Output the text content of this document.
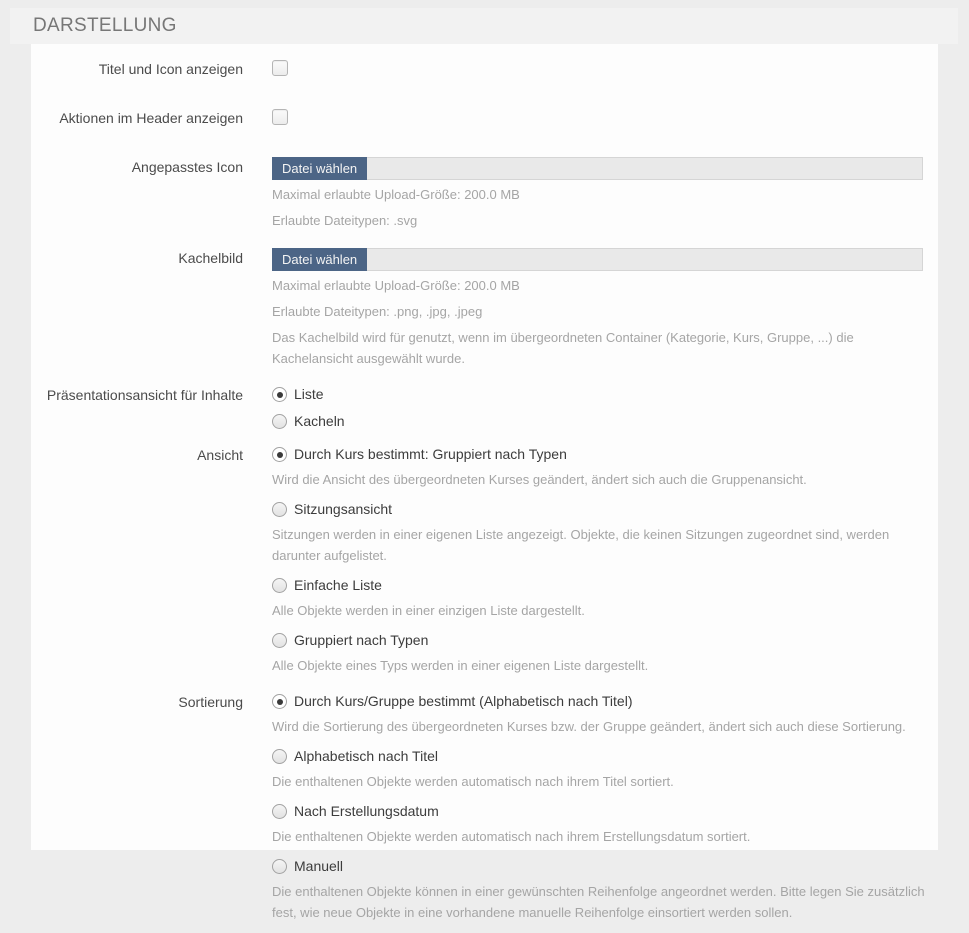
DARSTELLUNG
Titel und Icon anzeigen
Aktionen im Header anzeigen
Angepasstes Icon	Datei wählen
Maximal erlaubte Upload-Größe: 200.0 MB
Erlaubte Dateitypen: .svg
Kachelbild	Datei wählen
Maximal erlaubte Upload-Größe: 200.0 MB
Erlaubte Dateitypen: .png, .jpg, .jpeg
Das Kachelbild wird für genutzt, wenn im übergeordneten Container (Kategorie, Kurs, Gruppe, ...) die Kachelansicht ausgewählt wurde.
Präsentationsansicht für Inhalte	Liste
Kacheln
Ansicht	Durch Kurs bestimmt: Gruppiert nach Typen
Wird die Ansicht des übergeordneten Kurses geändert, ändert sich auch die Gruppenansicht.
Sitzungsansicht
Sitzungen werden in einer eigenen Liste angezeigt. Objekte, die keinen Sitzungen zugeordnet sind, werden darunter aufgelistet.
Einfache Liste
Alle Objekte werden in einer einzigen Liste dargestellt.
Gruppiert nach Typen
Alle Objekte eines Typs werden in einer eigenen Liste dargestellt.
Sortierung	Durch Kurs/Gruppe bestimmt (Alphabetisch nach Titel)
Wird die Sortierung des übergeordneten Kurses bzw. der Gruppe geändert, ändert sich auch diese Sortierung.
Alphabetisch nach Titel
Die enthaltenen Objekte werden automatisch nach ihrem Titel sortiert.
Nach Erstellungsdatum
Die enthaltenen Objekte werden automatisch nach ihrem Erstellungsdatum sortiert.
Manuell
Die enthaltenen Objekte können in einer gewünschten Reihenfolge angeordnet werden. Bitte legen Sie zusätzlich fest, wie neue Objekte in eine vorhandene manuelle Reihenfolge einsortiert werden sollen.
